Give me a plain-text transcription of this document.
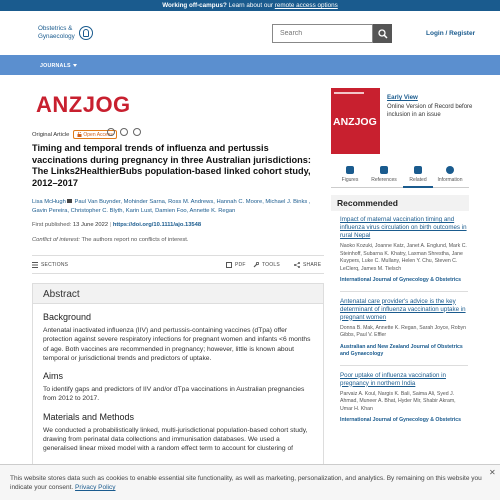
Working off-campus? Learn about our remote access options
Obstetrics &
Gynaecology
Search	Login / Register
JOURNALS
ANZJOG
Original Article	Open Access
Timing and temporal trends of influenza and pertussis vaccinations during pregnancy in three Australian jurisdictions: The Links2HealthierBubs population-based linked cohort study, 2012–2017
Lisa McHugh Paul Van Buynder, Mohinder Sarna, Ross M. Andrews, Hannah C. Moore, Michael J. Binks , Gavin Pereira, Christopher C. Blyth, Karin Lust, Damien Foo, Annette K. Regan
First published: 13 June 2022 | https://doi.org/10.1111/ajo.13548
Conflict of interest: The authors report no conflicts of interest.
SECTIONS	PDF	TOOLS	SHARE
Abstract
Background

Antenatal inactivated influenza (IIV) and pertussis-containing vaccines (dTpa) offer protection against severe respiratory infections for pregnant women and infants <6 months of age. Both vaccines are recommended in pregnancy; however, little is known about temporal or jurisdictional trends and predictors of uptake.

Aims

To identify gaps and predictors of IIV and/or dTpa vaccinations in Australian pregnancies from 2012 to 2017.

Materials and Methods

We conducted a probabilistically linked, multi-jurisdictional population-based cohort study, drawing from perinatal data collections and immunisation databases. We used a generalised linear mixed model with a random effect term to account for clustering of

ANZJOG
Early View
Online Version of Record before inclusion in an issue
Figures	References	Related	Information
Recommended
Impact of maternal vaccination timing and influenza virus circulation on birth outcomes in rural Nepal
Naoko Kozuki, Joanne Katz, Janet A. Englund, Mark C. Steinhoff, Subarna K. Khatry, Laxman Shrestha, Jane Kuypers, Luke C. Mullany, Helen Y. Chu, Steven C. LeClerq, James M. Tielsch
International Journal of Gynecology & Obstetrics
Antenatal care provider's advice is the key determinant of influenza vaccination uptake in pregnant women
Donna B. Mak, Annette K. Regan, Sarah Joyce, Robyn Gibbs, Paul V. Effler
Australian and New Zealand Journal of Obstetrics and Gynaecology
Poor uptake of influenza vaccination in pregnancy in northern India
Parvaiz A. Koul, Nargis K. Bali, Saima Ali, Syed J. Ahmad, Muneer A. Bhat, Hyder Mir, Shabir Akram, Umar H. Khan
International Journal of Gynecology & Obstetrics
✕
This website stores data such as cookies to enable essential site functionality, as well as marketing, personalization, and analytics. By remaining on this website you indicate your consent. Privacy Policy
